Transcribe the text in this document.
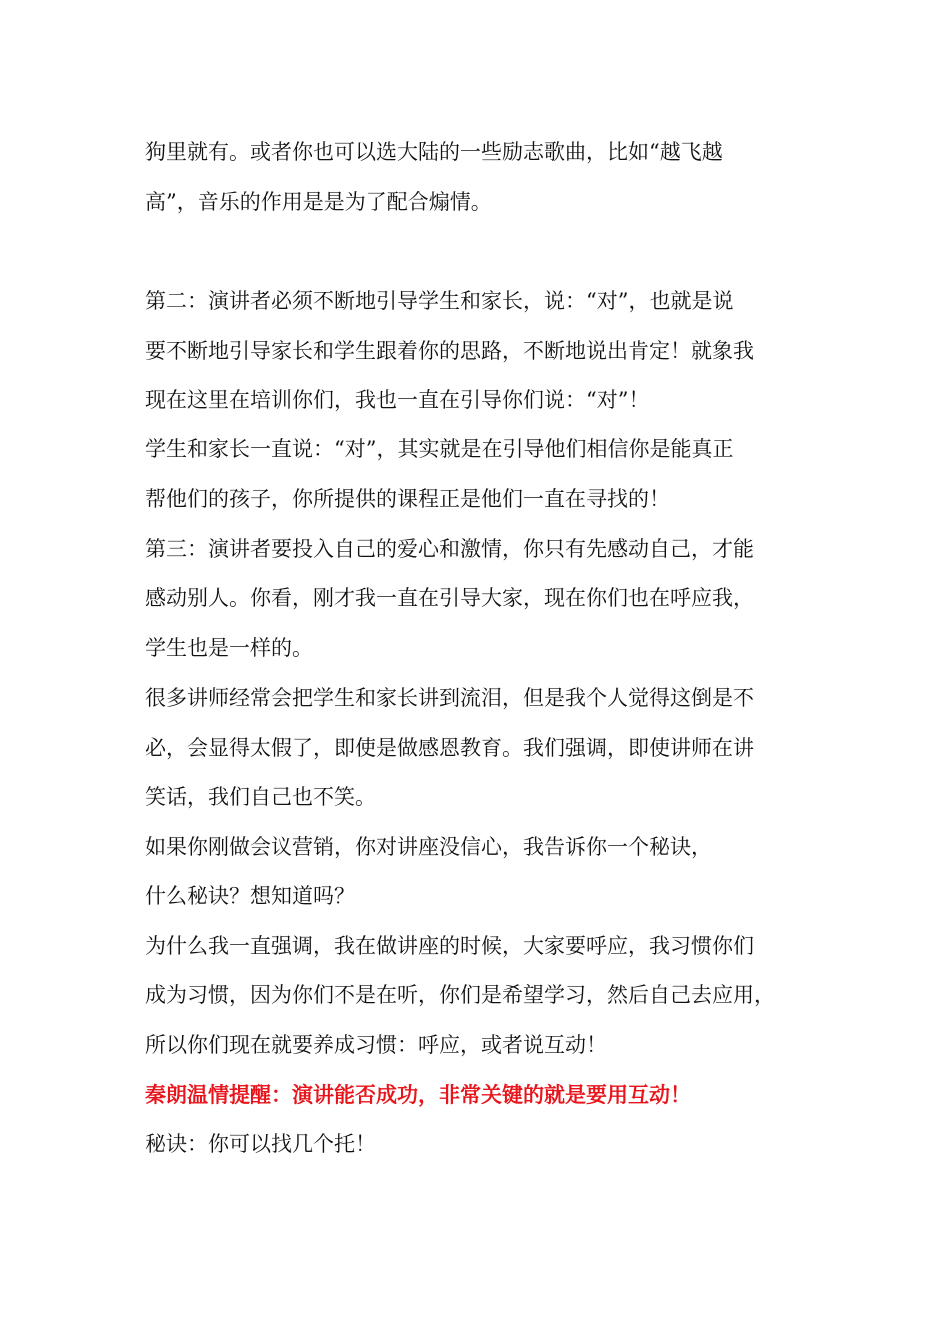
狗里就有。或者你也可以选大陆的一些励志歌曲，比如“越飞越
高”，音乐的作用是是为了配合煽情。
第二：演讲者必须不断地引导学生和家长，说：“对”，也就是说
要不断地引导家长和学生跟着你的思路，不断地说出肯定！就象我
现在这里在培训你们，我也一直在引导你们说：“对”！
学生和家长一直说：“对”，其实就是在引导他们相信你是能真正
帮他们的孩子，你所提供的课程正是他们一直在寻找的！
第三：演讲者要投入自己的爱心和激情，你只有先感动自己，才能
感动别人。你看，刚才我一直在引导大家，现在你们也在呼应我，
学生也是一样的。
很多讲师经常会把学生和家长讲到流泪，但是我个人觉得这倒是不
必，会显得太假了，即使是做感恩教育。我们强调，即使讲师在讲
笑话，我们自己也不笑。
如果你刚做会议营销，你对讲座没信心，我告诉你一个秘诀，
什么秘诀？想知道吗？
为什么我一直强调，我在做讲座的时候，大家要呼应，我习惯你们
成为习惯，因为你们不是在听，你们是希望学习，然后自己去应用，
所以你们现在就要养成习惯：呼应，或者说互动！
秦朗温情提醒：演讲能否成功，非常关键的就是要用互动！
秘诀：你可以找几个托！
